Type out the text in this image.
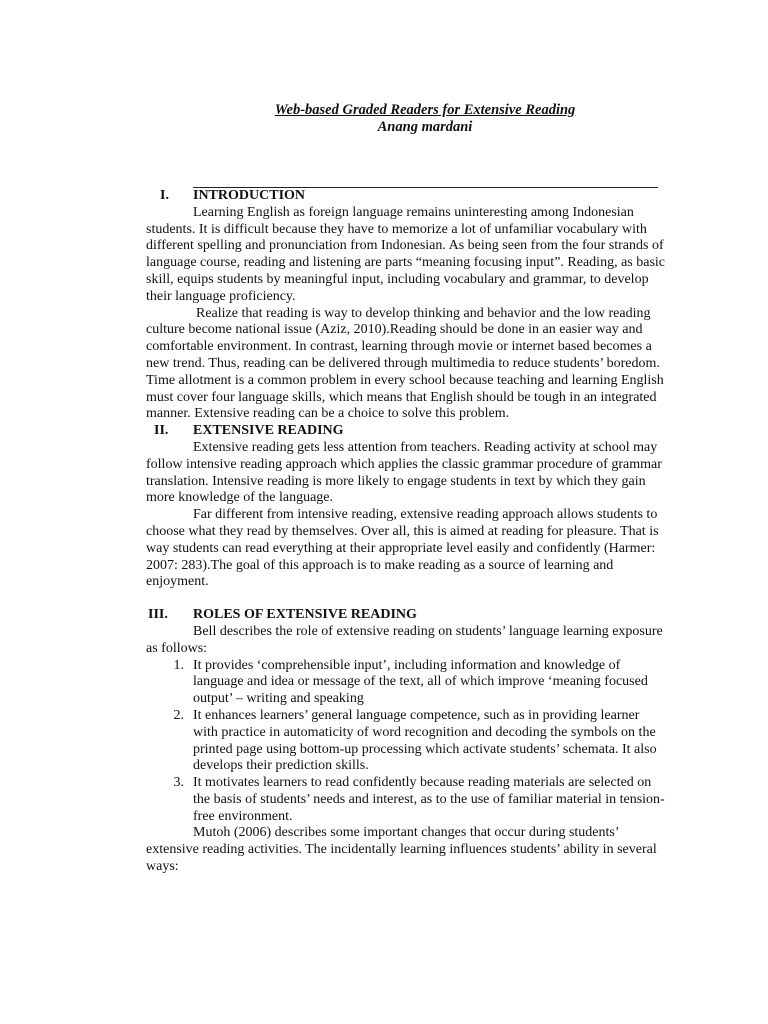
Web-based Graded Readers for Extensive Reading
Anang mardani
I.	INTRODUCTION

Learning English as foreign language remains uninteresting among Indonesian students. It is difficult because they have to memorize a lot of unfamiliar vocabulary with different spelling and pronunciation from Indonesian. As being seen from the four strands of language course, reading and listening are parts “meaning focusing input”. Reading, as basic skill, equips students by meaningful input, including vocabulary and grammar, to develop their language proficiency.

Realize that reading is way to develop thinking and behavior and the low reading culture become national issue (Aziz, 2010).Reading should be done in an easier way and comfortable environment. In contrast, learning through movie or internet based becomes a new trend. Thus, reading can be delivered through multimedia to reduce students’ boredom. Time allotment is a common problem in every school because teaching and learning English must cover four language skills, which means that English should be tough in an integrated manner. Extensive reading can be a choice to solve this problem.

II.	EXTENSIVE READING

Extensive reading gets less attention from teachers. Reading activity at school may follow intensive reading approach which applies the classic grammar procedure of grammar translation. Intensive reading is more likely to engage students in text by which they gain more knowledge of the language.

Far different from intensive reading, extensive reading approach allows students to choose what they read by themselves. Over all, this is aimed at reading for pleasure. That is way students can read everything at their appropriate level easily and confidently (Harmer: 2007: 283).The goal of this approach is to make reading as a source of learning and enjoyment.

III.	ROLES OF EXTENSIVE READING

Bell describes the role of extensive reading on students’ language learning exposure as follows:

1. It provides ‘comprehensible input’, including information and knowledge of language and idea or message of the text, all of which improve ‘meaning focused output’ – writing and speaking
2. It enhances learners’ general language competence, such as in providing learner with practice in automaticity of word recognition and decoding the symbols on the printed page using bottom-up processing which activate students’ schemata. It also develops their prediction skills.
3. It motivates learners to read confidently because reading materials are selected on the basis of students’ needs and interest, as to the use of familiar material in tension-free environment.

Mutoh (2006) describes some important changes that occur during students’ extensive reading activities. The incidentally learning influences students’ ability in several ways:
